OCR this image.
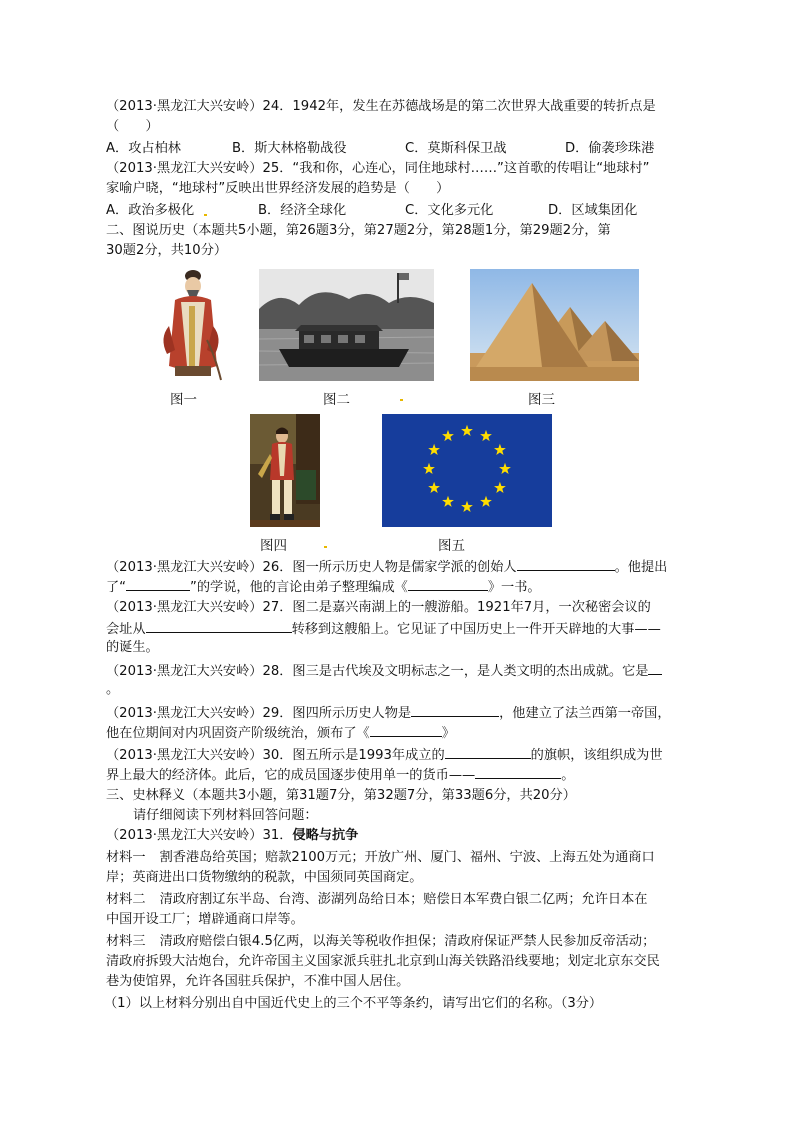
（2013·黑龙江大兴安岭）24．1942年，发生在苏德战场是的第二次世界大战重要的转折点是
（　　）
A．攻占柏林	B．斯大林格勒战役	C．莫斯科保卫战	D．偷袭珍珠港
（2013·黑龙江大兴安岭）25．“我和你，心连心，同住地球村……”这首歌的传唱让“地球村”
家喻户晓，“地球村”反映出世界经济发展的趋势是（　　）
A．政治多极化	B．经济全球化	C．文化多元化	D．区域集团化
二、图说历史（本题共5小题，第26题3分，第27题2分，第28题1分，第29题2分，第
30题2分，共10分）
图一	图二	图三
图四	图五
（2013·黑龙江大兴安岭）26．图一所示历史人物是儒家学派的创始人	。他提出
了“	”的学说，他的言论由弟子整理编成《	》一书。
（2013·黑龙江大兴安岭）27．图二是嘉兴南湖上的一艘游船。1921年7月，一次秘密会议的
会址从	转移到这艘船上。它见证了中国历史上一件开天辟地的大事——
的诞生。
（2013·黑龙江大兴安岭）28．图三是古代埃及文明标志之一，是人类文明的杰出成就。它是
。
（2013·黑龙江大兴安岭）29．图四所示历史人物是	，他建立了法兰西第一帝国，
他在位期间对内巩固资产阶级统治，颁布了《	》
（2013·黑龙江大兴安岭）30．图五所示是1993年成立的	的旗帜，该组织成为世
界上最大的经济体。此后，它的成员国逐步使用单一的货币——	。
三、史林释义（本题共3小题，第31题7分，第32题7分，第33题6分，共20分）
请仔细阅读下列材料回答问题：
（2013·黑龙江大兴安岭）31．侵略与抗争
材料一 割香港岛给英国；赔款2100万元；开放广州、厦门、福州、宁波、上海五处为通商口
岸；英商进出口货物缴纳的税款，中国须同英国商定。
材料二 清政府割辽东半岛、台湾、澎湖列岛给日本；赔偿日本军费白银二亿两；允许日本在
中国开设工厂；增辟通商口岸等。
材料三 清政府赔偿白银4.5亿两，以海关等税收作担保；清政府保证严禁人民参加反帝活动；
清政府拆毁大沽炮台，允许帝国主义国家派兵驻扎北京到山海关铁路沿线要地；划定北京东交民
巷为使馆界，允许各国驻兵保护，不准中国人居住。
（1）以上材料分别出自中国近代史上的三个不平等条约，请写出它们的名称。（3分）
